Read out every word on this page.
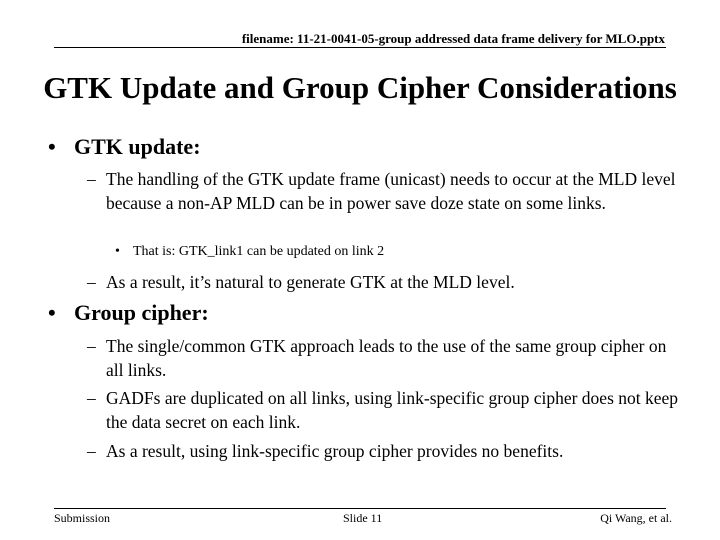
filename: 11-21-0041-05-group addressed data frame delivery for MLO.pptx
GTK Update and Group Cipher Considerations
• GTK update:
– The handling of the GTK update frame (unicast) needs to occur at the MLD level because a non-AP MLD can be in power save doze state on some links.
• That is: GTK_link1 can be updated on link 2
– As a result, it’s natural to generate GTK at the MLD level.
• Group cipher:
– The single/common GTK approach leads to the use of the same group cipher on all links.
– GADFs are duplicated on all links, using link-specific group cipher does not keep the data secret on each link.
– As a result, using link-specific group cipher provides no benefits.
Submission	Slide 11	Qi Wang, et al.
